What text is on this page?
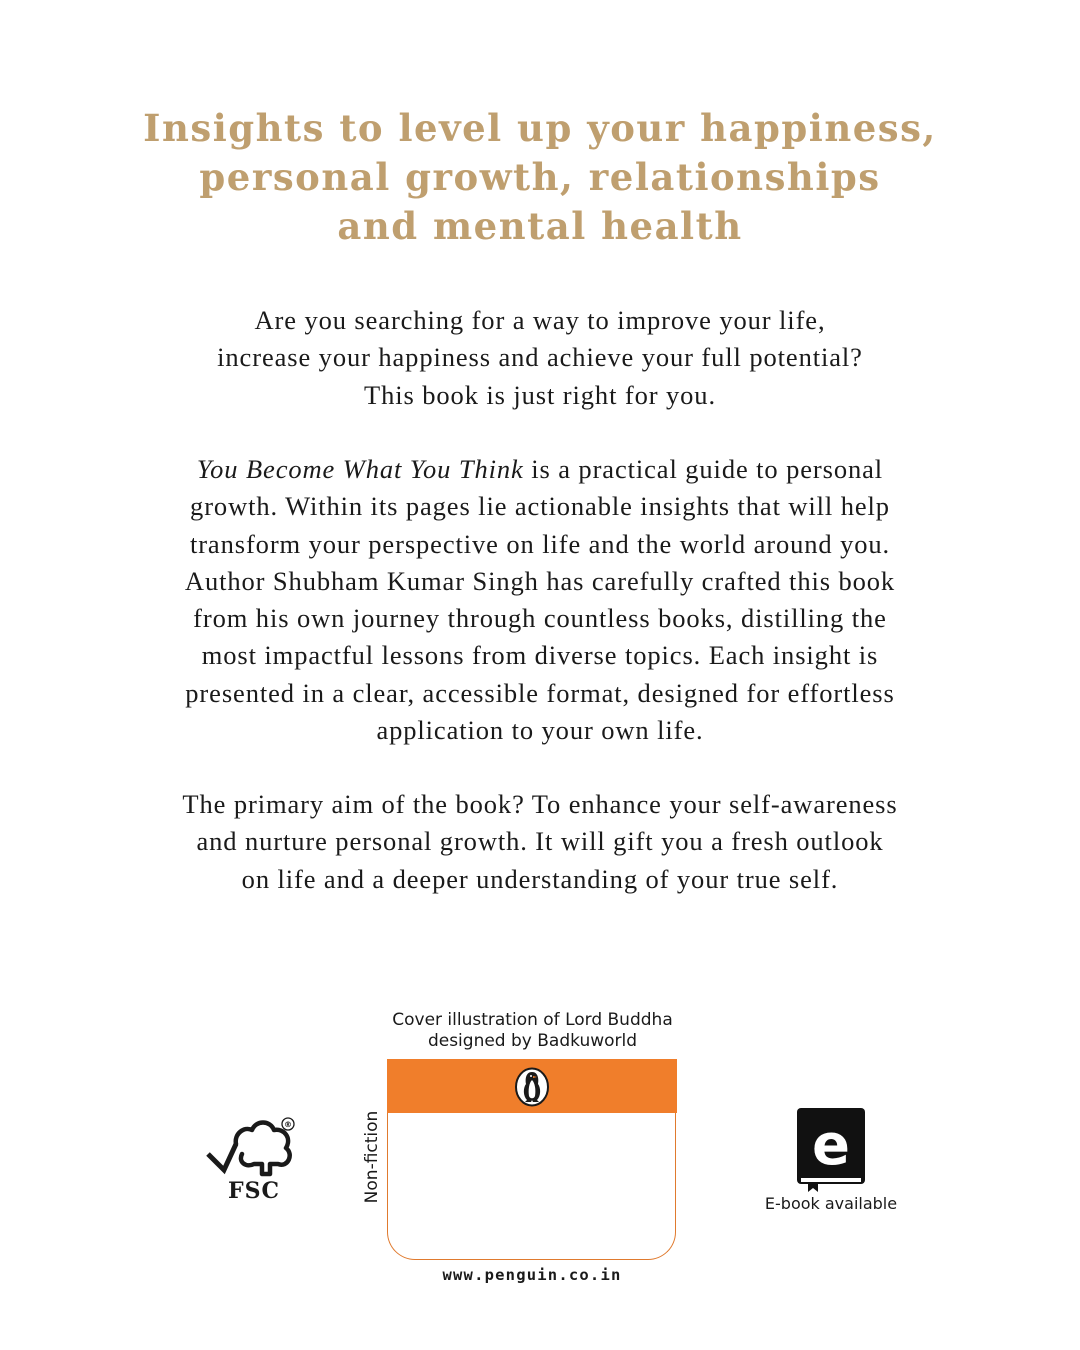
Insights to level up your happiness,
personal growth, relationships
and mental health
Are you searching for a way to improve your life,
increase your happiness and achieve your full potential?
This book is just right for you.
You Become What You Think is a practical guide to personal
growth. Within its pages lie actionable insights that will help
transform your perspective on life and the world around you.
Author Shubham Kumar Singh has carefully crafted this book
from his own journey through countless books, distilling the
most impactful lessons from diverse topics. Each insight is
presented in a clear, accessible format, designed for effortless
application to your own life.
The primary aim of the book? To enhance your self-awareness
and nurture personal growth. It will gift you a fresh outlook
on life and a deeper understanding of your true self.
Cover illustration of Lord Buddha
designed by Badkuworld
Non-fiction
www.penguin.co.in
®
FSC
e
E-book available
